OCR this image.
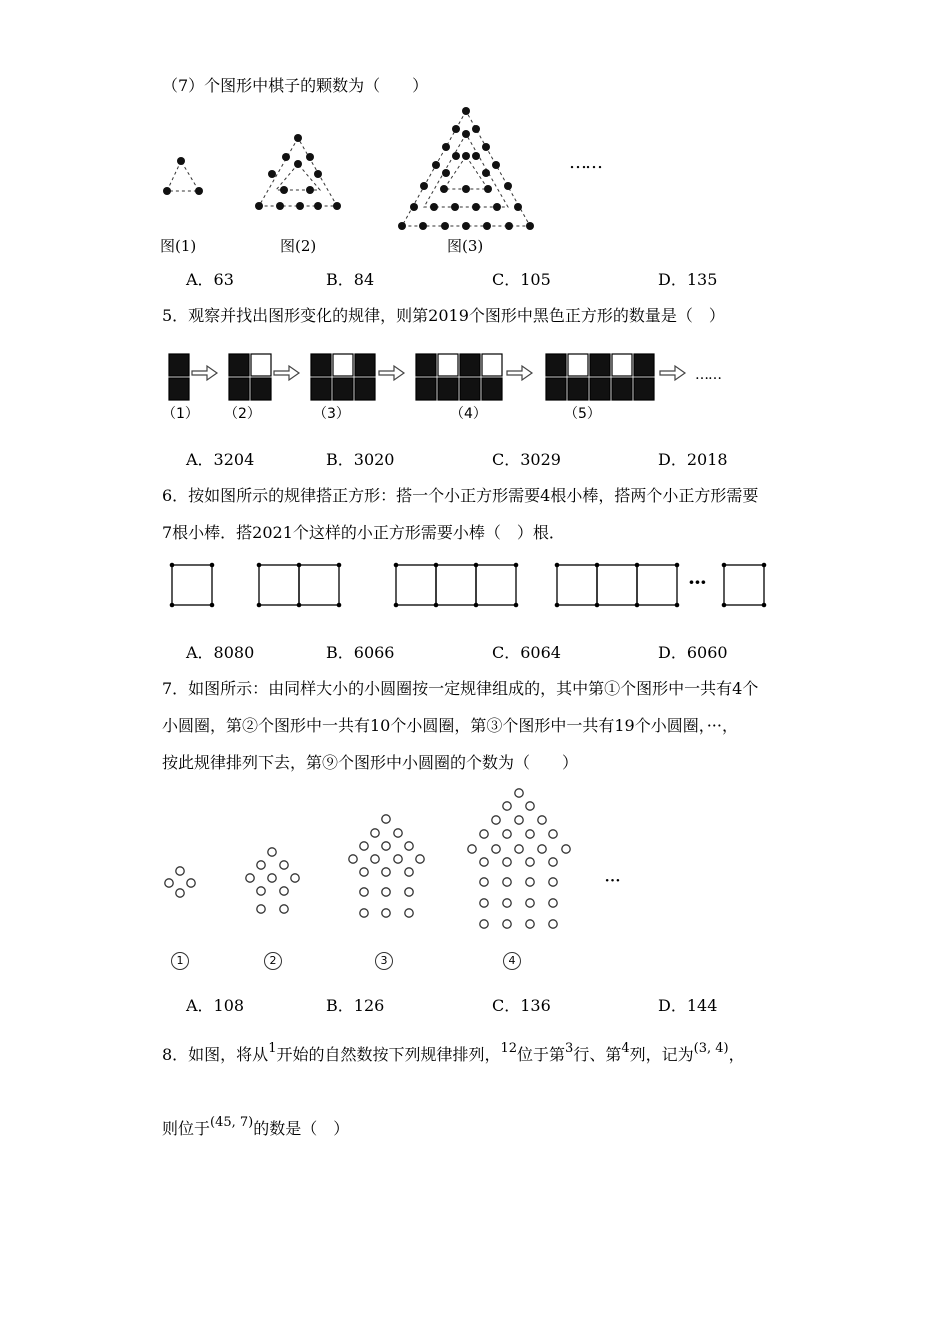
（7）个图形中棋子的颗数为（　　）
……
图(1)	图(2)	图(3)
A．63	B．84	C．105	D．135
5．观察并找出图形变化的规律，则第2019个图形中黑色正方形的数量是（　）
……
（1） （2）	（3）	（4）	（5）
A．3204	B．3020	C．3029	D．2018
6．按如图所示的规律搭正方形：搭一个小正方形需要4根小棒，搭两个小正方形需要
7根小棒．搭2021个这样的小正方形需要小棒（　）根．
···
A．8080	B．6066	C．6064	D．6060
7．如图所示：由同样大小的小圆圈按一定规律组成的，其中第①个图形中一共有4个
小圆圈，第②个图形中一共有10个小圆圈，第③个图形中一共有19个小圆圈，···，
按此规律排列下去，第⑨个图形中小圆圈的个数为（　　）
···
1	2	3	4
A．108	B．126	C．136	D．144
8．如图，将从$^1$开始的自然数按下列规律排列，$^{12}$位于第$^3$行、第$^4$列，记为$^{(3, 4)}$，
则位于$^{(45, 7)}$的数是（　）
